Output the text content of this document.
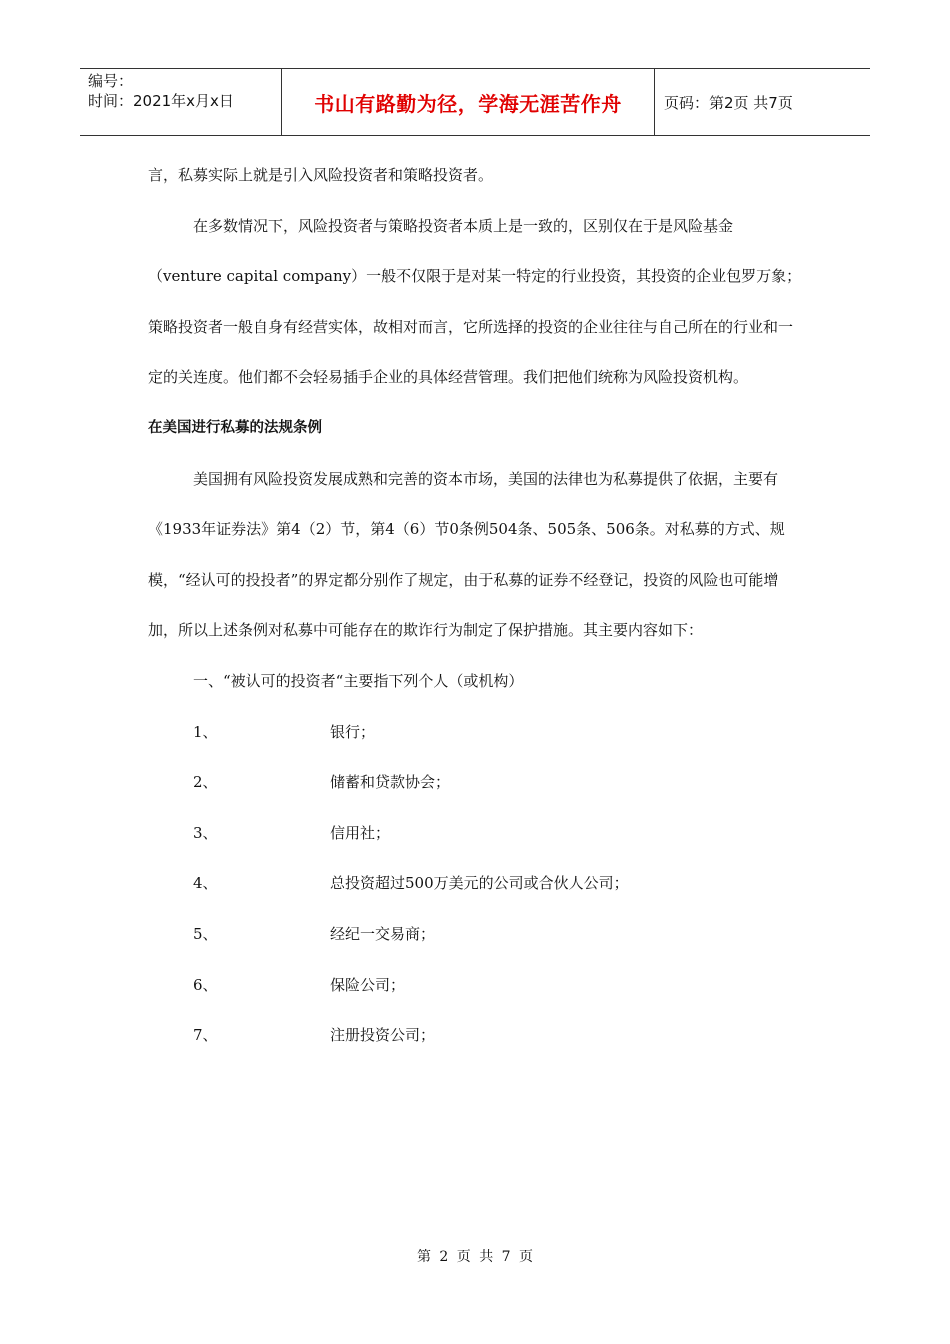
编号：
时间：2021年x月x日	书山有路勤为径，学海无涯苦作舟	页码：第2页 共7页

言，私募实际上就是引入风险投资者和策略投资者。

在多数情况下，风险投资者与策略投资者本质上是一致的，区别仅在于是风险基金（venture capital company）一般不仅限于是对某一特定的行业投资，其投资的企业包罗万象；策略投资者一般自身有经营实体，故相对而言，它所选择的投资的企业往往与自己所在的行业和一定的关连度。他们都不会轻易插手企业的具体经营管理。我们把他们统称为风险投资机构。

在美国进行私募的法规条例

美国拥有风险投资发展成熟和完善的资本市场，美国的法律也为私募提供了依据，主要有《1933年证券法》第4（2）节，第4（6）节0条例504条、505条、506条。对私募的方式、规模，“经认可的投投者”的界定都分别作了规定，由于私募的证券不经登记，投资的风险也可能增加，所以上述条例对私募中可能存在的欺诈行为制定了保护措施。其主要内容如下：

一、“被认可的投资者“主要指下列个人（或机构）

1、	银行；
2、	储蓄和贷款协会；
3、	信用社；
4、	总投资超过500万美元的公司或合伙人公司；
5、	经纪一交易商；
6、	保险公司；
7、	注册投资公司；
第 2 页 共 7 页
